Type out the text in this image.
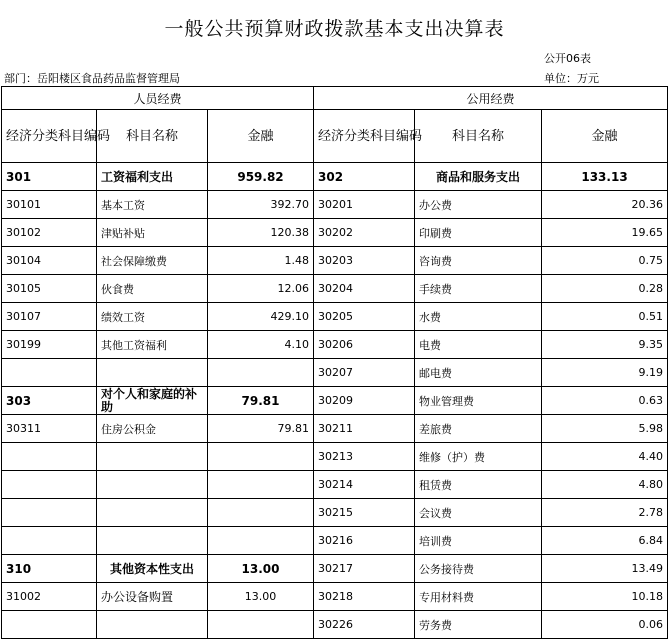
一般公共预算财政拨款基本支出决算表
公开06表
部门：岳阳楼区食品药品监督管理局	单位：万元
人员经费			公用经费		
经济分类科目编码	科目名称	金融	经济分类科目编码	科目名称	金融
301	工资福利支出	959.82	302	商品和服务支出	133.13
30101	基本工资	392.70	30201	办公费	20.36
30102	津贴补贴	120.38	30202	印刷费	19.65
30104	社会保障缴费	1.48	30203	咨询费	0.75
30105	伙食费	12.06	30204	手续费	0.28
30107	绩效工资	429.10	30205	水费	0.51
30199	其他工资福利	4.10	30206	电费	9.35
			30207	邮电费	9.19
303	对个人和家庭的补助	79.81	30209	物业管理费	0.63
30311	住房公积金	79.81	30211	差旅费	5.98
			30213	维修（护）费	4.40
			30214	租赁费	4.80
			30215	会议费	2.78
			30216	培训费	6.84
310	其他资本性支出	13.00	30217	公务接待费	13.49
31002	办公设备购置	13.00	30218	专用材料费	10.18
			30226	劳务费	0.06
